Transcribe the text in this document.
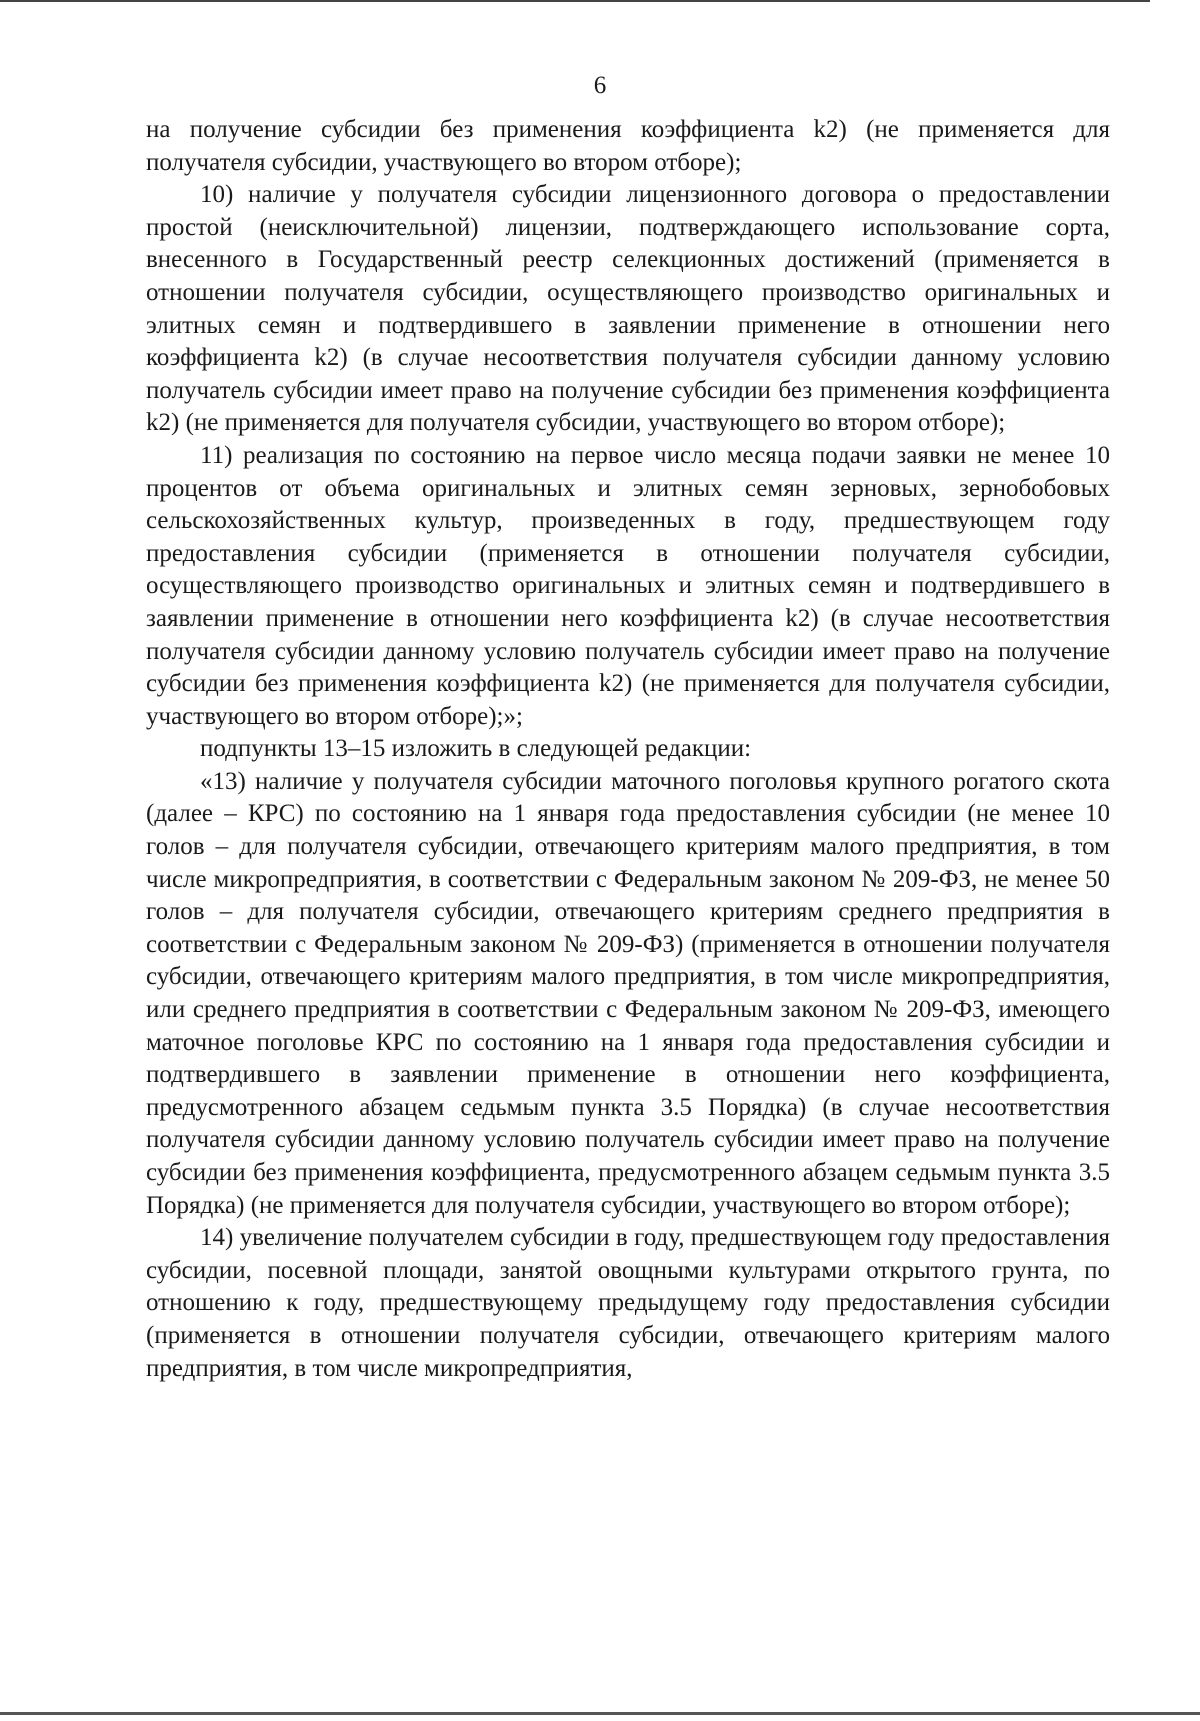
6

на получение субсидии без применения коэффициента k2) (не применяется для получателя субсидии, участвующего во втором отборе);

10) наличие у получателя субсидии лицензионного договора о предоставлении простой (неисключительной) лицензии, подтверждающего использование сорта, внесенного в Государственный реестр селекционных достижений (применяется в отношении получателя субсидии, осуществляющего производство оригинальных и элитных семян и подтвердившего в заявлении применение в отношении него коэффициента k2) (в случае несоответствия получателя субсидии данному условию получатель субсидии имеет право на получение субсидии без применения коэффициента k2) (не применяется для получателя субсидии, участвующего во втором отборе);

11) реализация по состоянию на первое число месяца подачи заявки не менее 10 процентов от объема оригинальных и элитных семян зерновых, зернобобовых сельскохозяйственных культур, произведенных в году, предшествующем году предоставления субсидии (применяется в отношении получателя субсидии, осуществляющего производство оригинальных и элитных семян и подтвердившего в заявлении применение в отношении него коэффициента k2) (в случае несоответствия получателя субсидии данному условию получатель субсидии имеет право на получение субсидии без применения коэффициента k2) (не применяется для получателя субсидии, участвующего во втором отборе);»;

подпункты 13–15 изложить в следующей редакции:

«13) наличие у получателя субсидии маточного поголовья крупного рогатого скота (далее – КРС) по состоянию на 1 января года предоставления субсидии (не менее 10 голов – для получателя субсидии, отвечающего критериям малого предприятия, в том числе микропредприятия, в соответствии с Федеральным законом № 209-ФЗ, не менее 50 голов – для получателя субсидии, отвечающего критериям среднего предприятия в соответствии с Федеральным законом № 209-ФЗ) (применяется в отношении получателя субсидии, отвечающего критериям малого предприятия, в том числе микропредприятия, или среднего предприятия в соответствии с Федеральным законом № 209-ФЗ, имеющего маточное поголовье КРС по состоянию на 1 января года предоставления субсидии и подтвердившего в заявлении применение в отношении него коэффициента, предусмотренного абзацем седьмым пункта 3.5 Порядка) (в случае несоответствия получателя субсидии данному условию получатель субсидии имеет право на получение субсидии без применения коэффициента, предусмотренного абзацем седьмым пункта 3.5 Порядка) (не применяется для получателя субсидии, участвующего во втором отборе);

14) увеличение получателем субсидии в году, предшествующем году предоставления субсидии, посевной площади, занятой овощными культурами открытого грунта, по отношению к году, предшествующему предыдущему году предоставления субсидии (применяется в отношении получателя субсидии, отвечающего критериям малого предприятия, в том числе микропредприятия,
